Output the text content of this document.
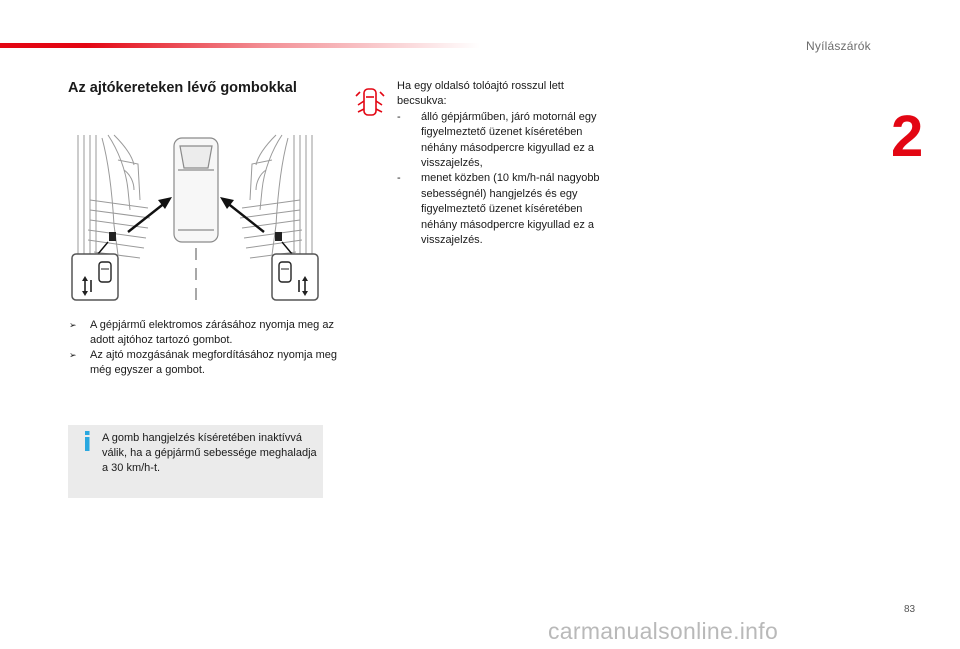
Nyílászárók
2
Az ajtókereteken lévő gombokkal
➢ A gépjármű elektromos zárásához nyomja meg az adott ajtóhoz tartozó gombot.
➢ Az ajtó mozgásának megfordításához nyomja meg még egyszer a gombot.
A gomb hangjelzés kíséretében inaktívvá válik, ha a gépjármű sebessége meghaladja a 30 km/h-t.
Ha egy oldalsó tolóajtó rosszul lett becsukva:
- álló gépjárműben, járó motornál egy figyelmeztető üzenet kíséretében néhány másodpercre kigyullad ez a visszajelzés,
- menet közben (10 km/h-nál nagyobb sebességnél) hangjelzés és egy figyelmeztető üzenet kíséretében néhány másodpercre kigyullad ez a visszajelzés.
83
carmanualsonline.info
